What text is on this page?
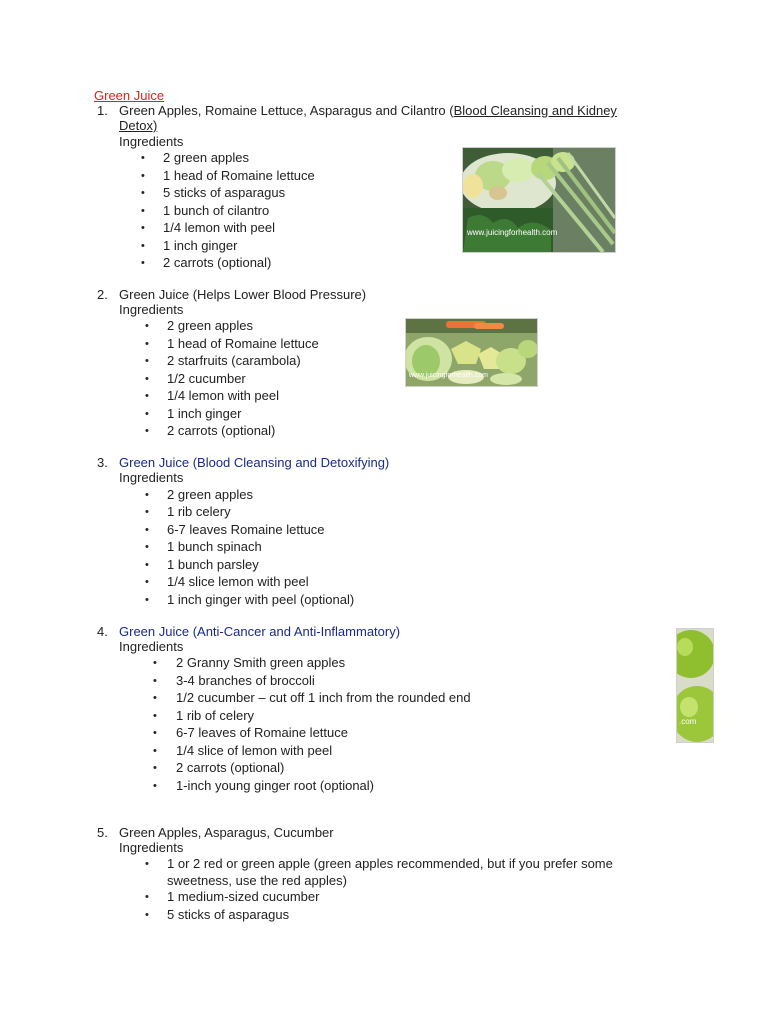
Green Juice
1. Green Apples, Romaine Lettuce, Asparagus and Cilantro (Blood Cleansing and Kidney
Detox)
Ingredients
• 2 green apples
• 1 head of Romaine lettuce
• 5 sticks of asparagus
• 1 bunch of cilantro
• 1/4 lemon with peel
• 1 inch ginger
• 2 carrots (optional)
www.juicingforhealth.com
2. Green Juice (Helps Lower Blood Pressure)
Ingredients
• 2 green apples
• 1 head of Romaine lettuce
• 2 starfruits (carambola)
• 1/2 cucumber
• 1/4 lemon with peel
• 1 inch ginger
• 2 carrots (optional)
www.juicingforhealth.com
3. Green Juice (Blood Cleansing and Detoxifying)
Ingredients
• 2 green apples
• 1 rib celery
• 6-7 leaves Romaine lettuce
• 1 bunch spinach
• 1 bunch parsley
• 1/4 slice lemon with peel
• 1 inch ginger with peel (optional)
4. Green Juice (Anti-Cancer and Anti-Inflammatory)
Ingredients
• 2 Granny Smith green apples
• 3-4 branches of broccoli
• 1/2 cucumber – cut off 1 inch from the rounded end
• 1 rib of celery
• 6-7 leaves of Romaine lettuce
• 1/4 slice of lemon with peel
• 2 carrots (optional)
• 1-inch young ginger root (optional)
.com
5. Green Apples, Asparagus, Cucumber
Ingredients
• 1 or 2 red or green apple (green apples recommended, but if you prefer some
sweetness, use the red apples)
• 1 medium-sized cucumber
• 5 sticks of asparagus
